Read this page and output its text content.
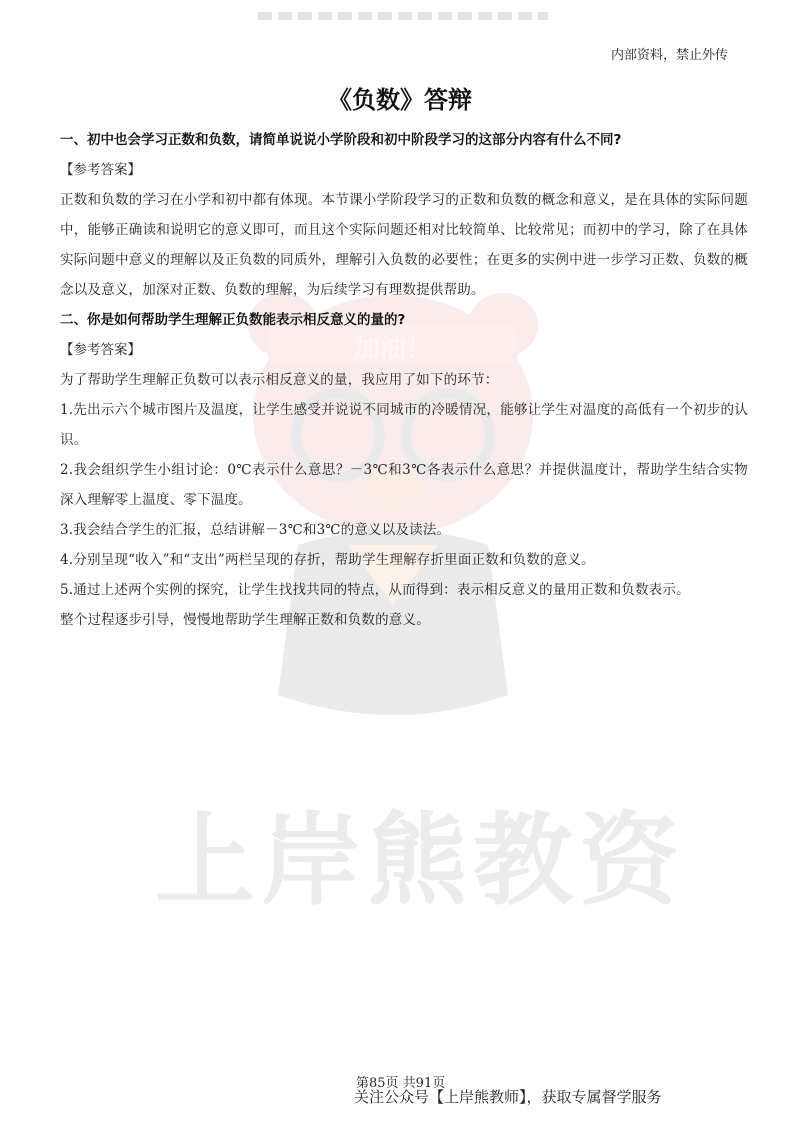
加油！
上岸熊教资
内部资料，禁止外传
《负数》答辩
一、初中也会学习正数和负数，请简单说说小学阶段和初中阶段学习的这部分内容有什么不同?
【参考答案】
正数和负数的学习在小学和初中都有体现。本节课小学阶段学习的正数和负数的概念和意义，是在具体的实际问题中，能够正确读和说明它的意义即可，而且这个实际问题还相对比较简单、比较常见；而初中的学习，除了在具体实际问题中意义的理解以及正负数的同质外，理解引入负数的必要性；在更多的实例中进一步学习正数、负数的概念以及意义，加深对正数、负数的理解，为后续学习有理数提供帮助。
二、你是如何帮助学生理解正负数能表示相反意义的量的?
【参考答案】
为了帮助学生理解正负数可以表示相反意义的量，我应用了如下的环节：
1.先出示六个城市图片及温度，让学生感受并说说不同城市的冷暖情况，能够让学生对温度的高低有一个初步的认识。
2.我会组织学生小组讨论：0℃表示什么意思？－3℃和3℃各表示什么意思？并提供温度计，帮助学生结合实物深入理解零上温度、零下温度。
3.我会结合学生的汇报，总结讲解－3℃和3℃的意义以及读法。
4.分别呈现“收入”和“支出”两栏呈现的存折，帮助学生理解存折里面正数和负数的意义。
5.通过上述两个实例的探究，让学生找找共同的特点，从而得到：表示相反意义的量用正数和负数表示。
整个过程逐步引导，慢慢地帮助学生理解正数和负数的意义。
第85页 共91页
关注公众号【上岸熊教师】，获取专属督学服务
